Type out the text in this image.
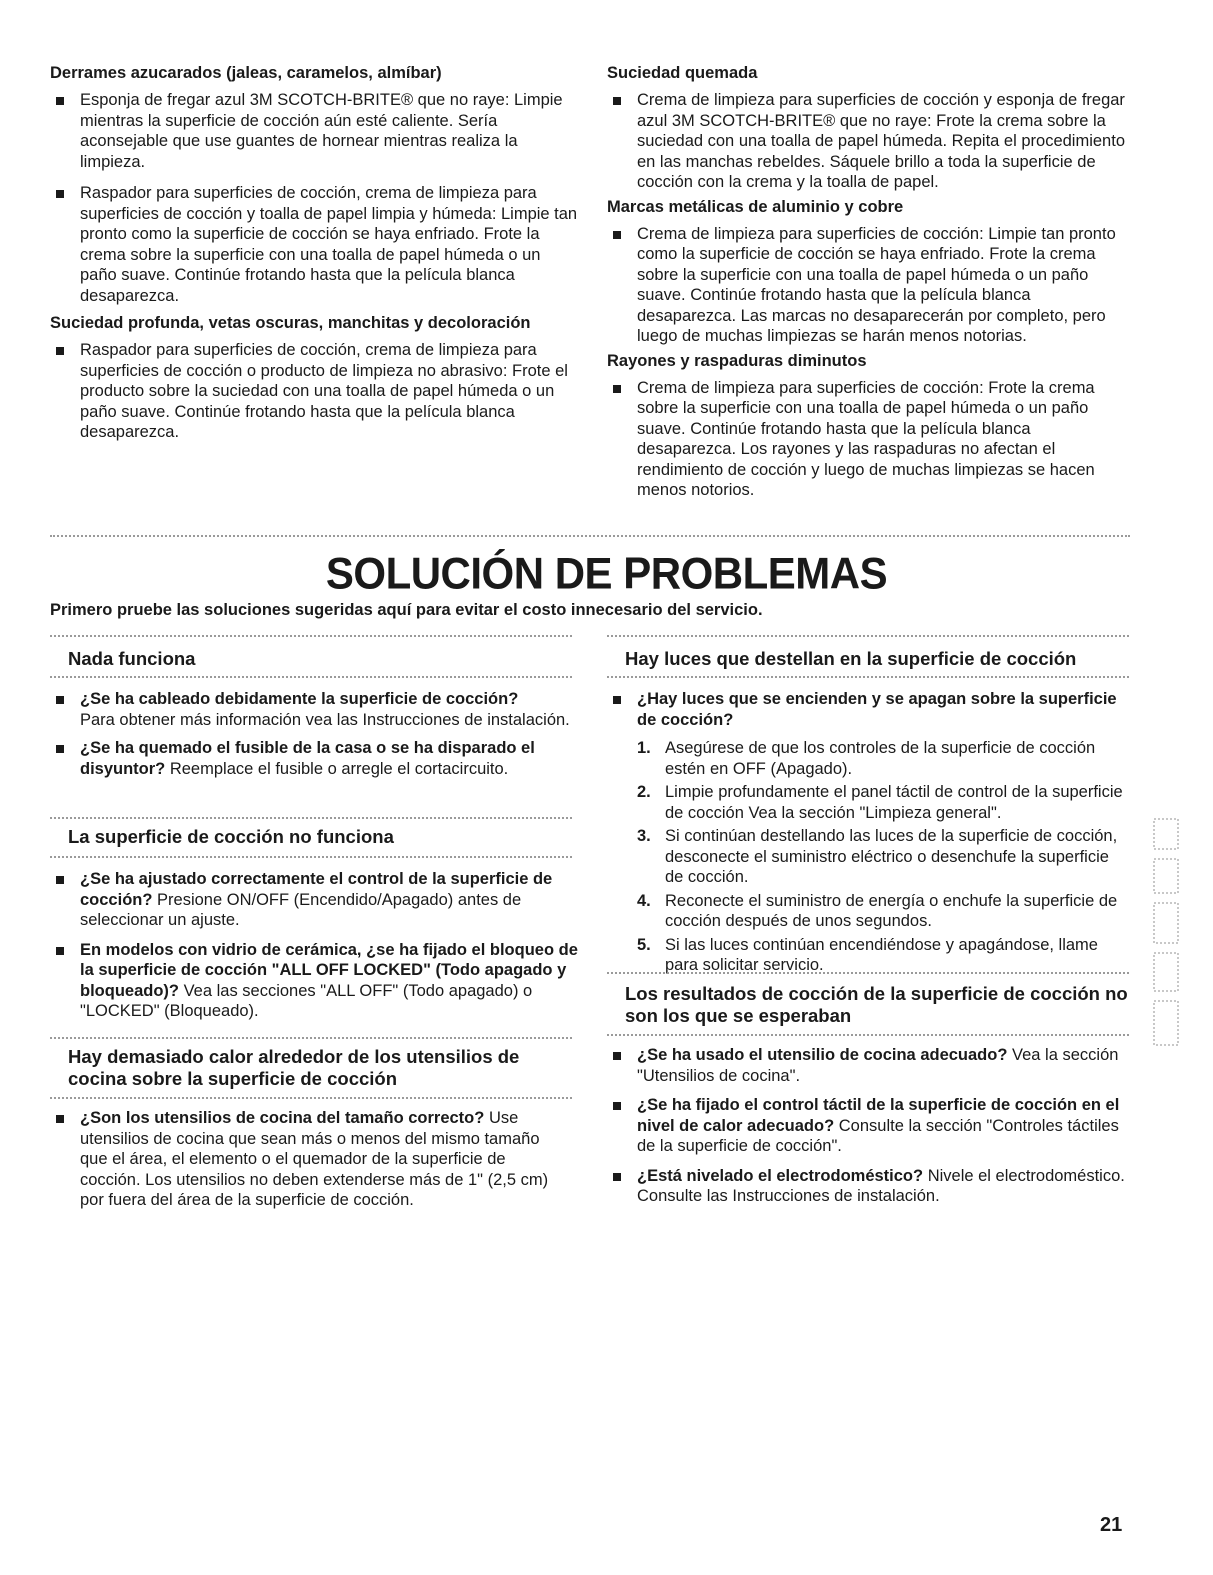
Derrames azucarados (jaleas, caramelos, almíbar)
Esponja de fregar azul 3M SCOTCH-BRITE® que no raye: Limpie mientras la superficie de cocción aún esté caliente. Sería aconsejable que use guantes de hornear mientras realiza la limpieza.
Raspador para superficies de cocción, crema de limpieza para superficies de cocción y toalla de papel limpia y húmeda: Limpie tan pronto como la superficie de cocción se haya enfriado. Frote la crema sobre la superficie con una toalla de papel húmeda o un paño suave. Continúe frotando hasta que la película blanca desaparezca.
Suciedad profunda, vetas oscuras, manchitas y decoloración
Raspador para superficies de cocción, crema de limpieza para superficies de cocción o producto de limpieza no abrasivo: Frote el producto sobre la suciedad con una toalla de papel húmeda o un paño suave. Continúe frotando hasta que la película blanca desaparezca.
Suciedad quemada
Crema de limpieza para superficies de cocción y esponja de fregar azul 3M SCOTCH-BRITE® que no raye: Frote la crema sobre la suciedad con una toalla de papel húmeda. Repita el procedimiento en las manchas rebeldes. Sáquele brillo a toda la superficie de cocción con la crema y la toalla de papel.
Marcas metálicas de aluminio y cobre
Crema de limpieza para superficies de cocción: Limpie tan pronto como la superficie de cocción se haya enfriado. Frote la crema sobre la superficie con una toalla de papel húmeda o un paño suave. Continúe frotando hasta que la película blanca desaparezca. Las marcas no desaparecerán por completo, pero luego de muchas limpiezas se harán menos notorias.
Rayones y raspaduras diminutos
Crema de limpieza para superficies de cocción: Frote la crema sobre la superficie con una toalla de papel húmeda o un paño suave. Continúe frotando hasta que la película blanca desaparezca. Los rayones y las raspaduras no afectan el rendimiento de cocción y luego de muchas limpiezas se hacen menos notorios.
SOLUCIÓN DE PROBLEMAS
Primero pruebe las soluciones sugeridas aquí para evitar el costo innecesario del servicio.
Nada funciona
¿Se ha cableado debidamente la superficie de cocción?
Para obtener más información vea las Instrucciones de instalación.
¿Se ha quemado el fusible de la casa o se ha disparado el disyuntor? Reemplace el fusible o arregle el cortacircuito.
La superficie de cocción no funciona
¿Se ha ajustado correctamente el control de la superficie de cocción? Presione ON/OFF (Encendido/Apagado) antes de seleccionar un ajuste.
En modelos con vidrio de cerámica, ¿se ha fijado el bloqueo de la superficie de cocción "ALL OFF LOCKED" (Todo apagado y bloqueado)? Vea las secciones "ALL OFF" (Todo apagado) o "LOCKED" (Bloqueado).
Hay demasiado calor alrededor de los utensilios de cocina sobre la superficie de cocción
¿Son los utensilios de cocina del tamaño correcto? Use utensilios de cocina que sean más o menos del mismo tamaño que el área, el elemento o el quemador de la superficie de cocción. Los utensilios no deben extenderse más de 1" (2,5 cm) por fuera del área de la superficie de cocción.
Hay luces que destellan en la superficie de cocción
¿Hay luces que se encienden y se apagan sobre la superficie de cocción?
1. Asegúrese de que los controles de la superficie de cocción estén en OFF (Apagado).
2. Limpie profundamente el panel táctil de control de la superficie de cocción Vea la sección "Limpieza general".
3. Si continúan destellando las luces de la superficie de cocción, desconecte el suministro eléctrico o desenchufe la superficie de cocción.
4. Reconecte el suministro de energía o enchufe la superficie de cocción después de unos segundos.
5. Si las luces continúan encendiéndose y apagándose, llame para solicitar servicio.
Los resultados de cocción de la superficie de cocción no son los que se esperaban
¿Se ha usado el utensilio de cocina adecuado? Vea la sección "Utensilios de cocina".
¿Se ha fijado el control táctil de la superficie de cocción en el nivel de calor adecuado? Consulte la sección "Controles táctiles de la superficie de cocción".
¿Está nivelado el electrodoméstico? Nivele el electrodoméstico. Consulte las Instrucciones de instalación.
21
